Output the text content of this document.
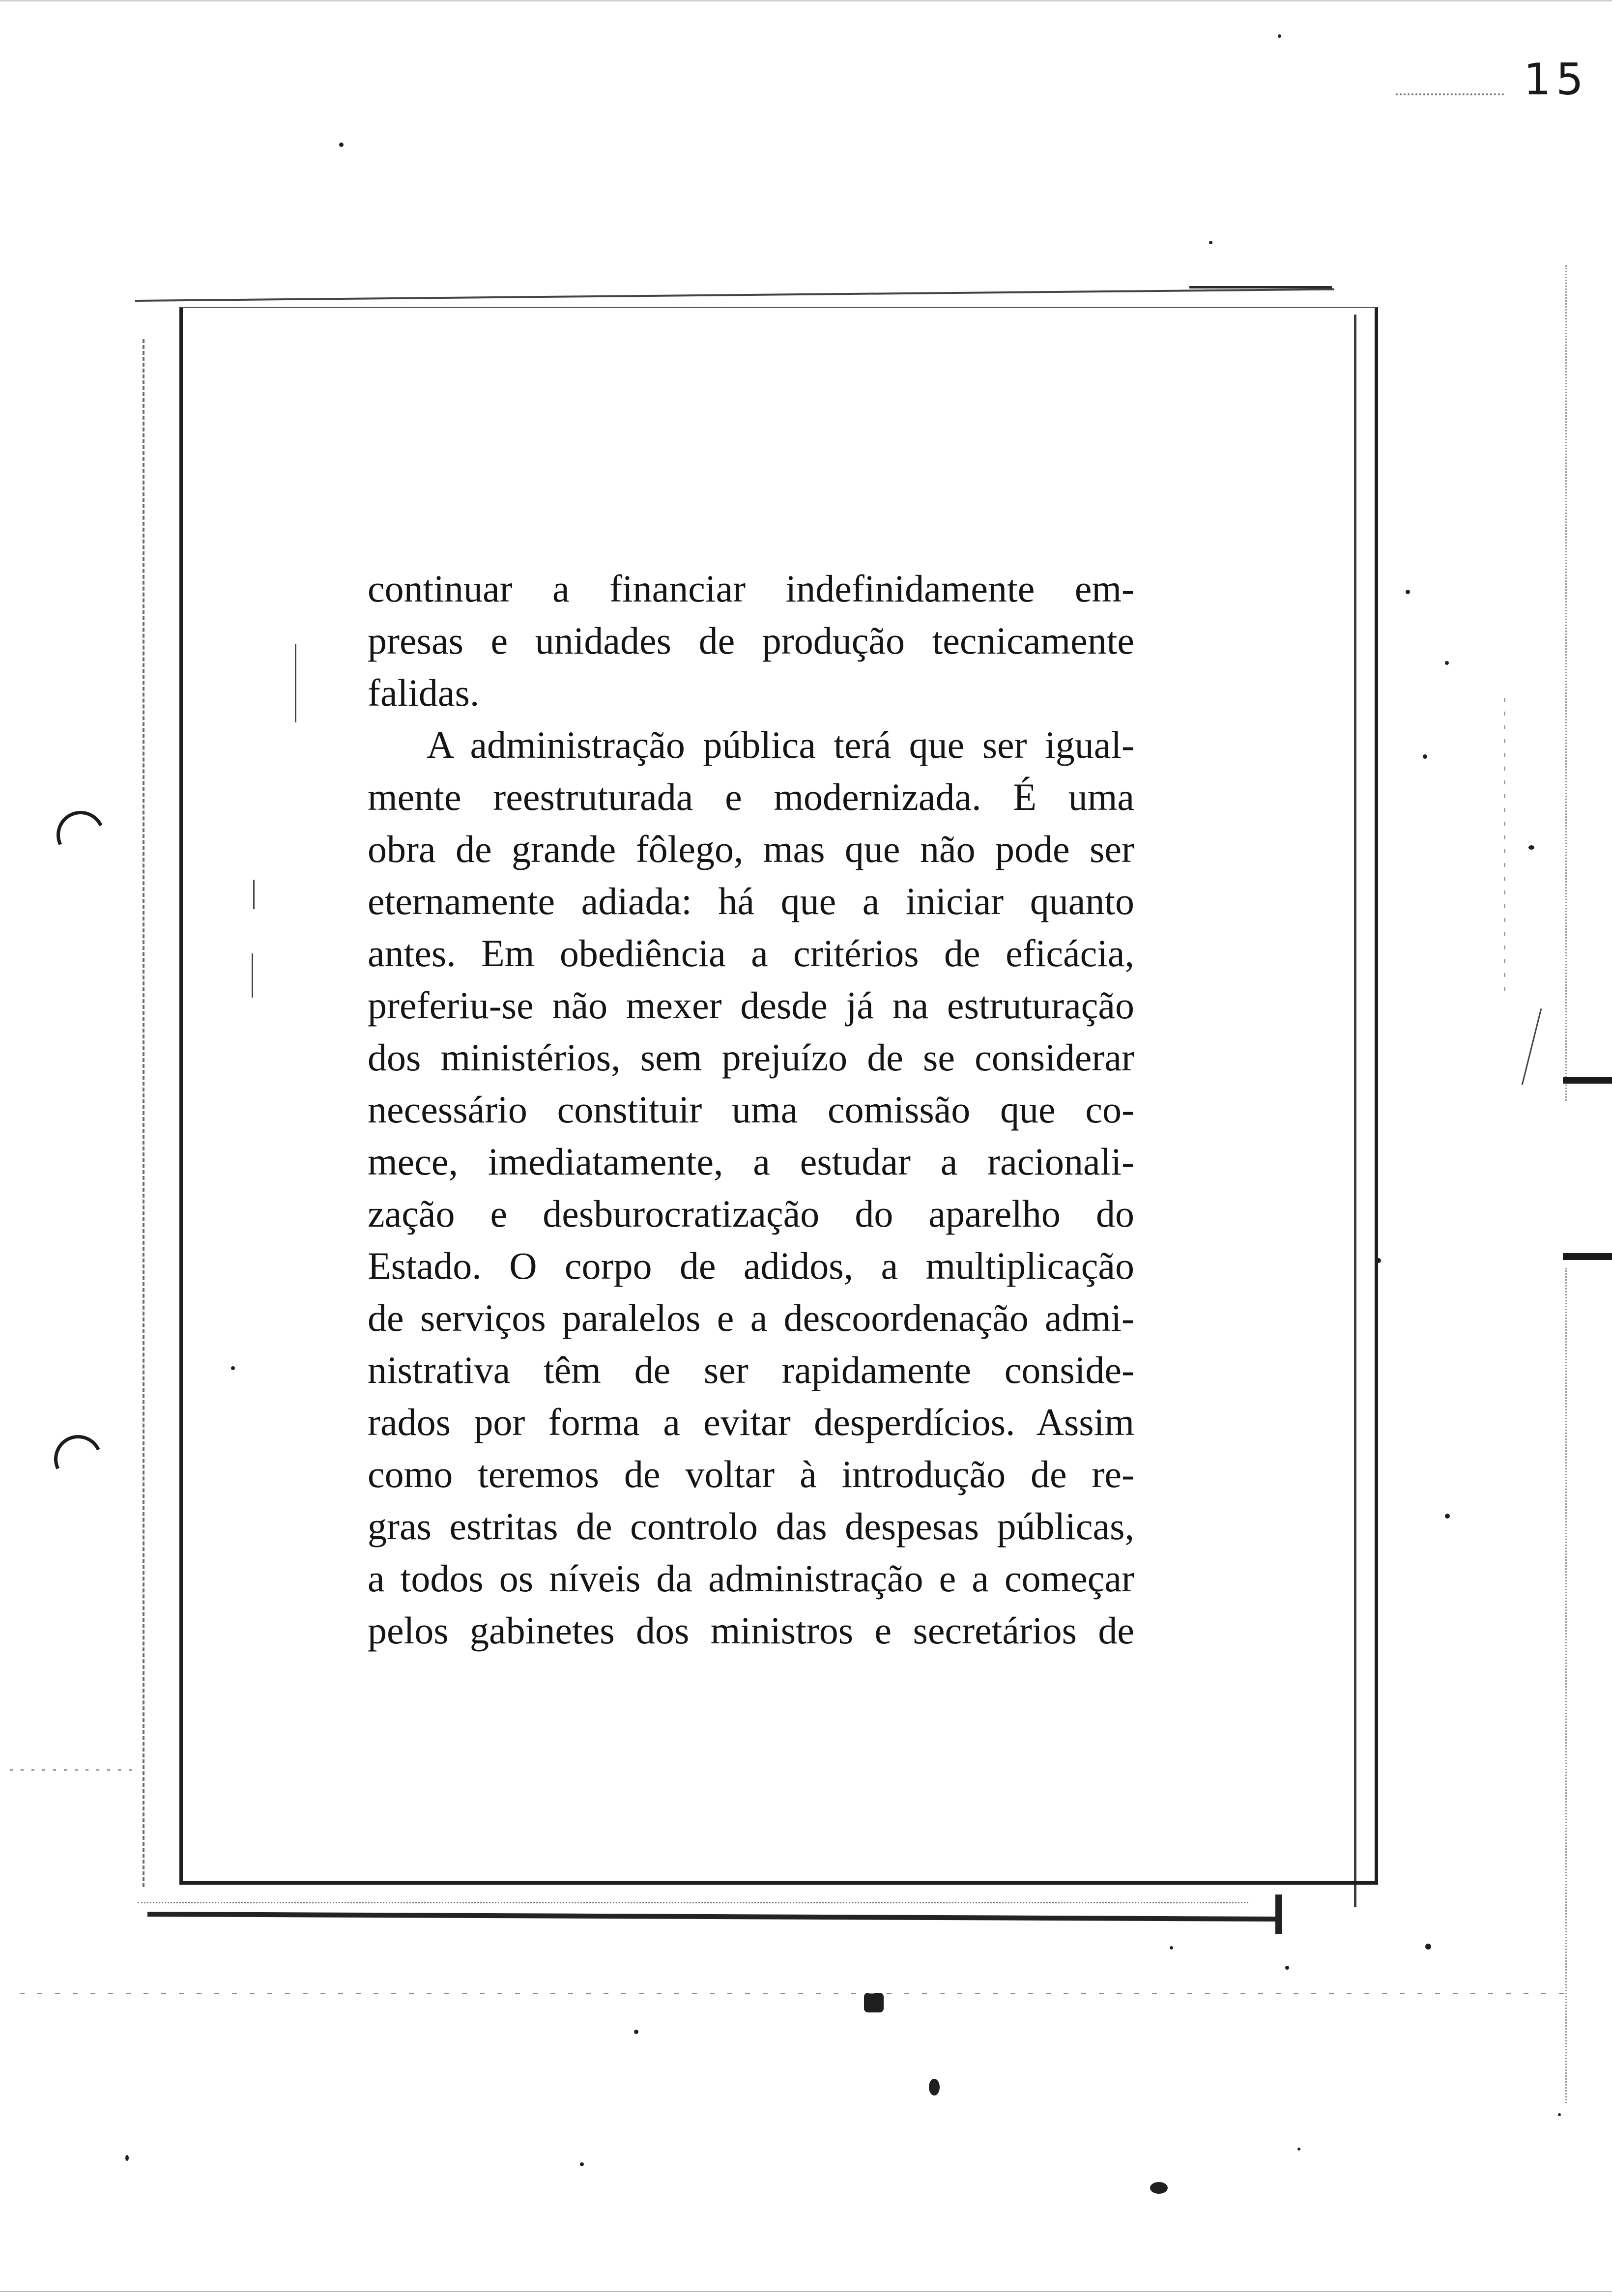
15
continuar a financiar indefinidamente em-
presas e unidades de produção tecnicamente
falidas.
A administração pública terá que ser igual-
mente reestruturada e modernizada. É uma
obra de grande fôlego, mas que não pode ser
eternamente adiada: há que a iniciar quanto
antes. Em obediência a critérios de eficácia,
preferiu-se não mexer desde já na estruturação
dos ministérios, sem prejuízo de se considerar
necessário constituir uma comissão que co-
mece, imediatamente, a estudar a racionali-
zação e desburocratização do aparelho do
Estado. O corpo de adidos, a multiplicação
de serviços paralelos e a descoordenação admi-
nistrativa têm de ser rapidamente conside-
rados por forma a evitar desperdícios. Assim
como teremos de voltar à introdução de re-
gras estritas de controlo das despesas públicas,
a todos os níveis da administração e a começar
pelos gabinetes dos ministros e secretários de
